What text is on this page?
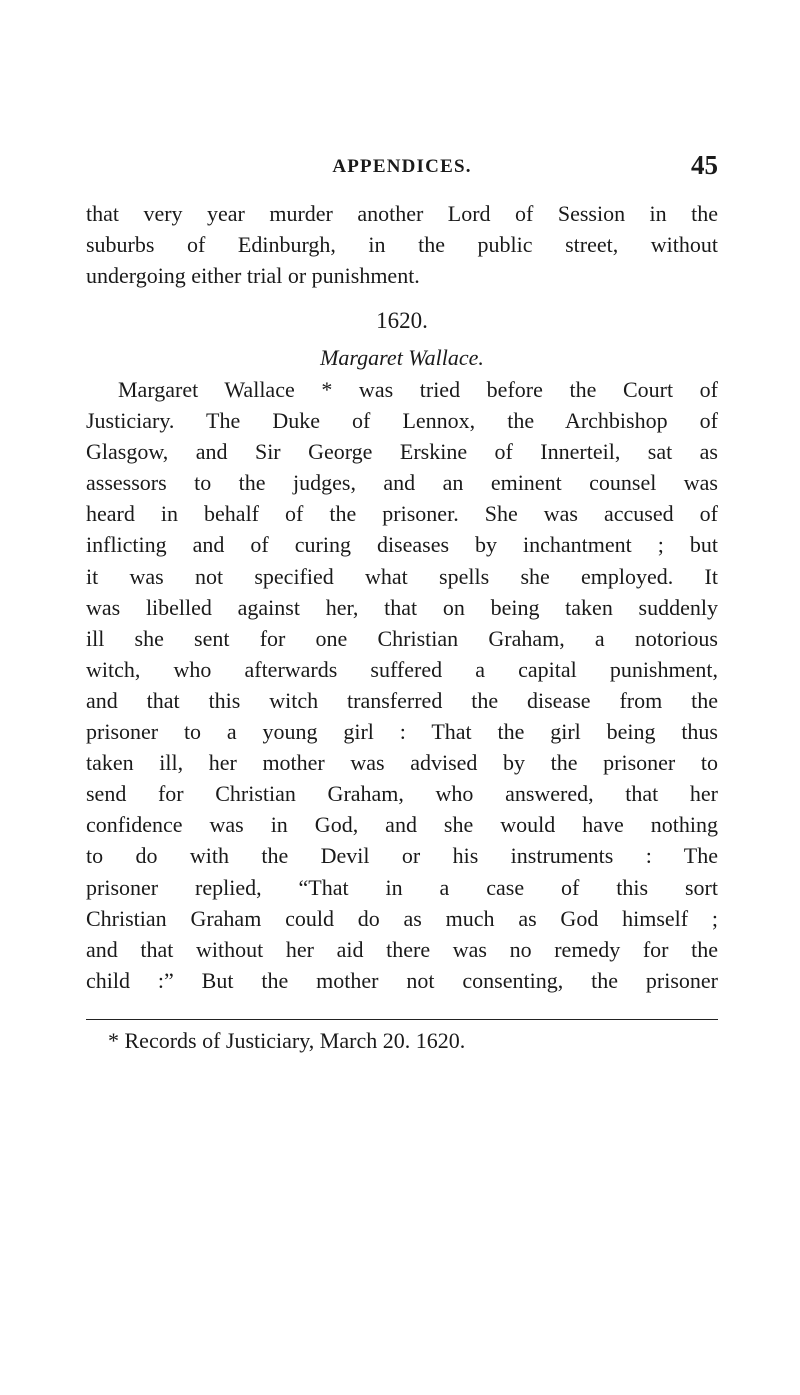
APPENDICES.	45
that very year murder another Lord of Session in the
suburbs of Edinburgh, in the public street, without
undergoing either trial or punishment.
1620.
Margaret Wallace.
Margaret Wallace * was tried before the Court of
Justiciary. The Duke of Lennox, the Archbishop of
Glasgow, and Sir George Erskine of Innerteil, sat as
assessors to the judges, and an eminent counsel was
heard in behalf of the prisoner. She was accused of
inflicting and of curing diseases by inchantment ; but
it was not specified what spells she employed. It
was libelled against her, that on being taken suddenly
ill she sent for one Christian Graham, a notorious
witch, who afterwards suffered a capital punishment,
and that this witch transferred the disease from the
prisoner to a young girl : That the girl being thus
taken ill, her mother was advised by the prisoner to
send for Christian Graham, who answered, that her
confidence was in God, and she would have nothing
to do with the Devil or his instruments : The
prisoner replied, “That in a case of this sort
Christian Graham could do as much as God himself ;
and that without her aid there was no remedy for the
child :” But the mother not consenting, the prisoner
* Records of Justiciary, March 20. 1620.
